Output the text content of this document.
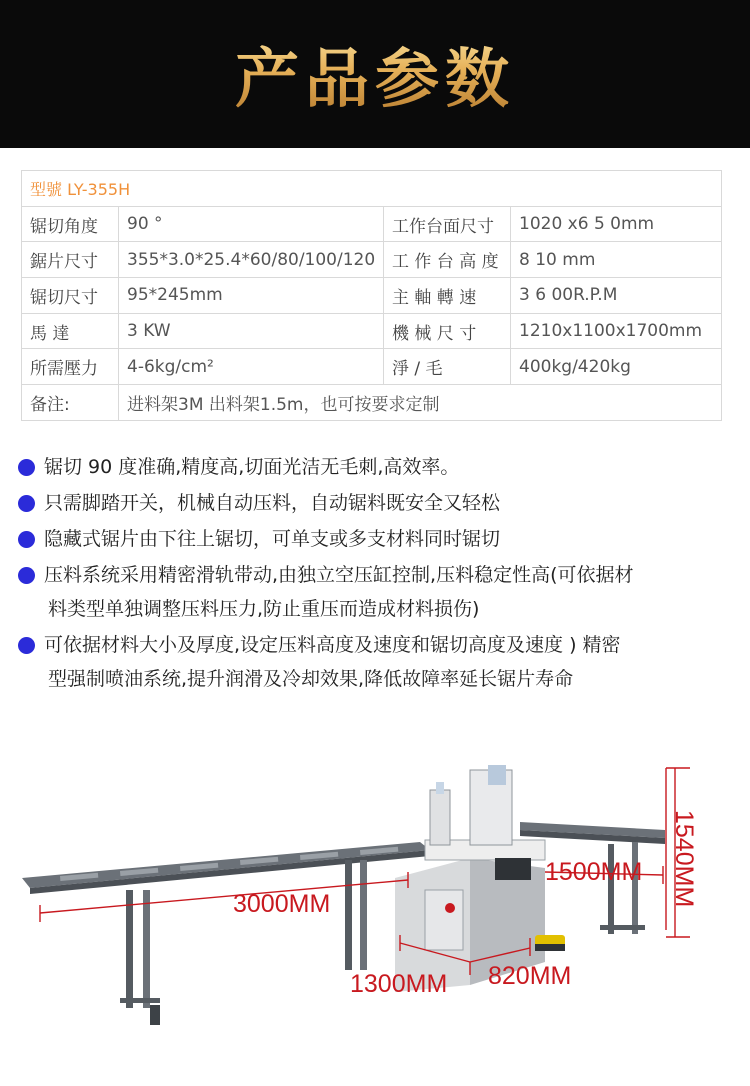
产品参数
型號 LY-355H			
锯切角度	90 °	工作台面尺寸	1020 x6 5 0mm
鋸片尺寸	355*3.0*25.4*60/80/100/120	工 作 台 高 度	8 10 mm
锯切尺寸	95*245mm	主 軸 轉 速	3 6 00R.P.M
馬 達	3 KW	機 械 尺 寸	1210x1100x1700mm
所需壓力	4-6kg/cm²	淨 / 毛	400kg/420kg
备注:	进料架3M 出料架1.5m，也可按要求定制		
锯切 90 度准确,精度高,切面光洁无毛刺,高效率。
只需脚踏开关，机械自动压料，自动锯料既安全又轻松
隐藏式锯片由下往上锯切，可单支或多支材料同时锯切
压料系统采用精密滑轨带动,由独立空压缸控制,压料稳定性高(可依据材
料类型单独调整压料压力,防止重压而造成材料损伤)
可依据材料大小及厚度,设定压料高度及速度和锯切高度及速度 ) 精密
型强制喷油系统,提升润滑及冷却效果,降低故障率延长锯片寿命
3000MM
1500MM 1540MM
1300MM 820MM
